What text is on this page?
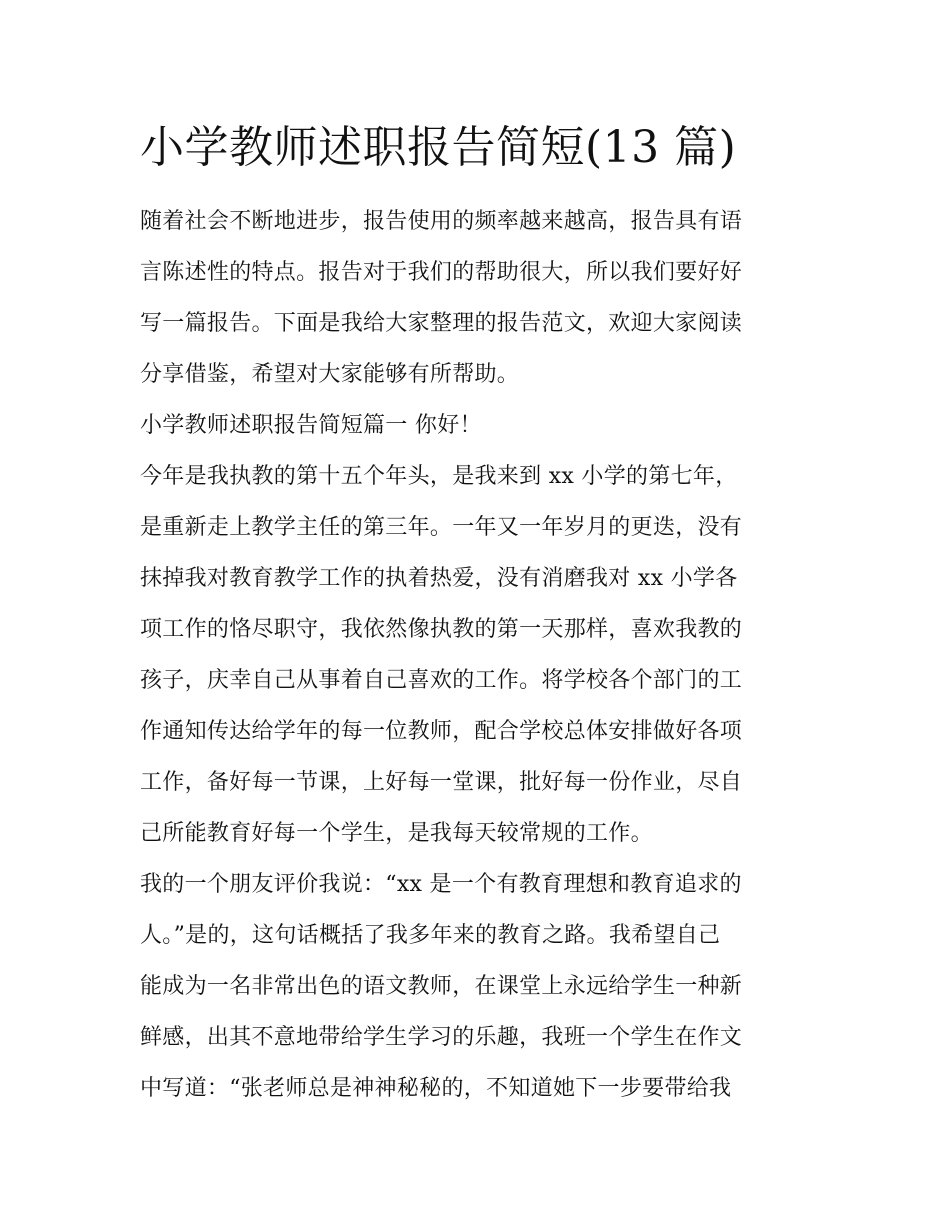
小学教师述职报告简短(13 篇)

随着社会不断地进步，报告使用的频率越来越高，报告具有语
言陈述性的特点。报告对于我们的帮助很大，所以我们要好好
写一篇报告。下面是我给大家整理的报告范文，欢迎大家阅读
分享借鉴，希望对大家能够有所帮助。

小学教师述职报告简短篇一 你好！

今年是我执教的第十五个年头，是我来到 xx 小学的第七年，
是重新走上教学主任的第三年。一年又一年岁月的更迭，没有
抹掉我对教育教学工作的执着热爱，没有消磨我对 xx 小学各
项工作的恪尽职守，我依然像执教的第一天那样，喜欢我教的
孩子，庆幸自己从事着自己喜欢的工作。将学校各个部门的工
作通知传达给学年的每一位教师，配合学校总体安排做好各项
工作，备好每一节课，上好每一堂课，批好每一份作业，尽自
己所能教育好每一个学生，是我每天较常规的工作。

我的一个朋友评价我说：“xx 是一个有教育理想和教育追求的
人。”是的，这句话概括了我多年来的教育之路。我希望自己
能成为一名非常出色的语文教师，在课堂上永远给学生一种新
鲜感，出其不意地带给学生学习的乐趣，我班一个学生在作文
中写道：“张老师总是神神秘秘的，不知道她下一步要带给我
